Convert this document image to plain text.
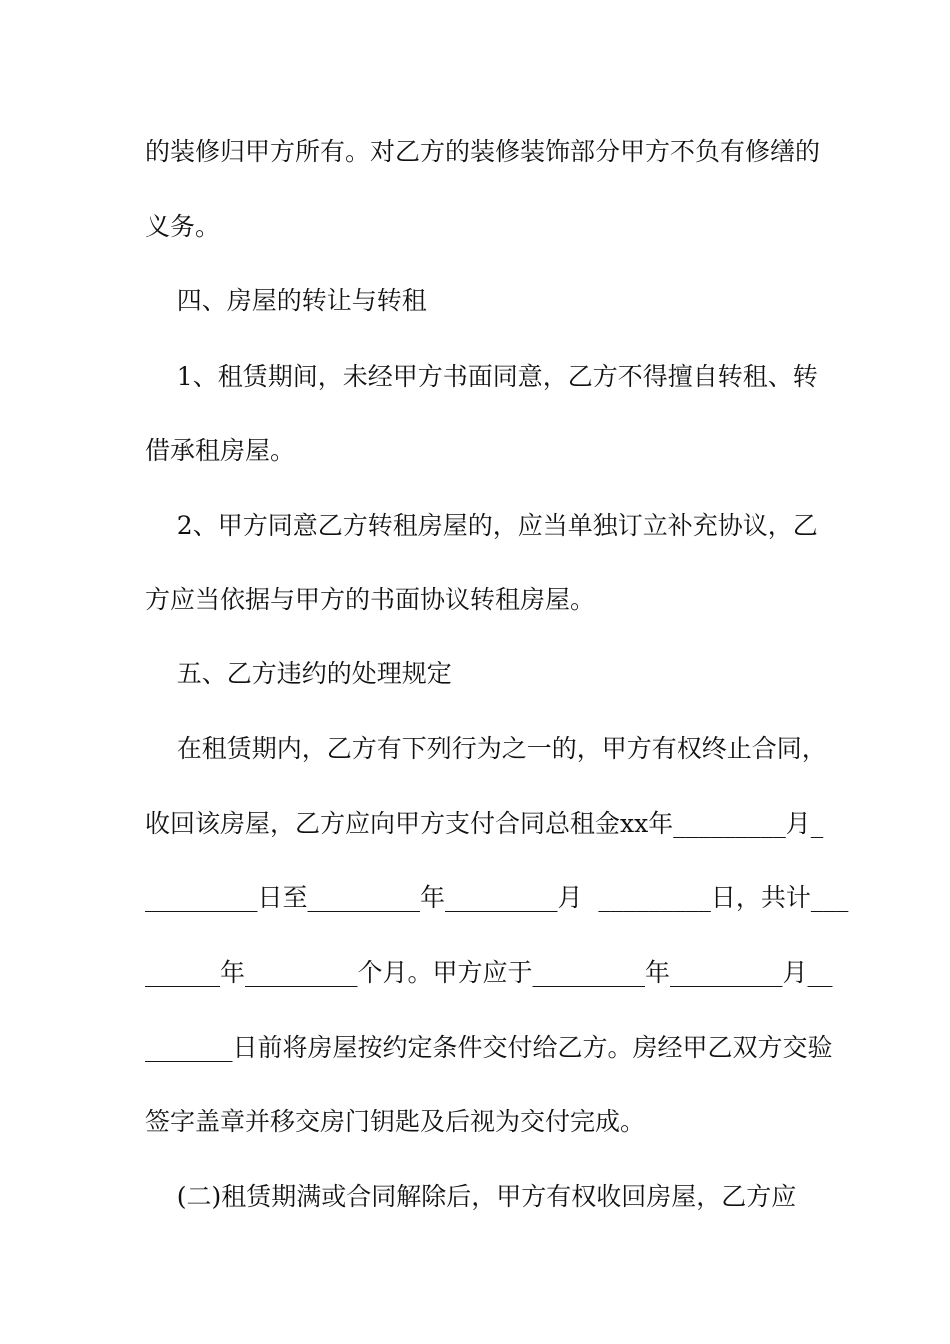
的装修归甲方所有。对乙方的装修装饰部分甲方不负有修缮的
义务。
四、房屋的转让与转租
1、租赁期间，未经甲方书面同意，乙方不得擅自转租、转
借承租房屋。
2、甲方同意乙方转租房屋的，应当单独订立补充协议，乙
方应当依据与甲方的书面协议转租房屋。
五、乙方违约的处理规定
在租赁期内，乙方有下列行为之一的，甲方有权终止合同，
收回该房屋，乙方应向甲方支付合同总租金xx年_________月_
_________日至_________年_________月  _________日，共计___
______年_________个月。甲方应于_________年_________月__
_______日前将房屋按约定条件交付给乙方。房经甲乙双方交验
签字盖章并移交房门钥匙及后视为交付完成。
(二)租赁期满或合同解除后，甲方有权收回房屋，乙方应
